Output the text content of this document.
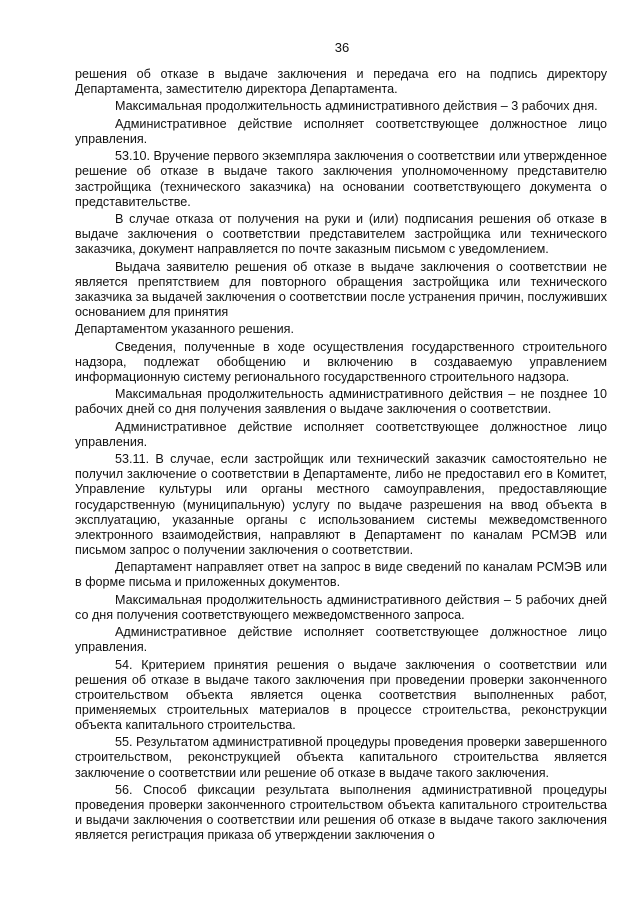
36

решения об отказе в выдаче заключения и передача его на подпись директору Департамента, заместителю директора Департамента.

Максимальная продолжительность административного действия – 3 рабочих дня.

Административное действие исполняет соответствующее должностное лицо управления.

53.10. Вручение первого экземпляра заключения о соответствии или утвержденное решение об отказе в выдаче такого заключения уполномоченному представителю застройщика (технического заказчика) на основании соответствующего документа о представительстве.

В случае отказа от получения на руки и (или) подписания решения об отказе в выдаче заключения о соответствии представителем застройщика или технического заказчика, документ направляется по почте заказным письмом с уведомлением.

Выдача заявителю решения об отказе в выдаче заключения о соответствии не является препятствием для повторного обращения застройщика или технического заказчика за выдачей заключения о соответствии после устранения причин, послуживших основанием для принятия

Департаментом указанного решения.

Сведения, полученные в ходе осуществления государственного строительного надзора, подлежат обобщению и включению в создаваемую управлением информационную систему регионального государственного строительного надзора.

Максимальная продолжительность административного действия – не позднее 10 рабочих дней со дня получения заявления о выдаче заключения о соответствии.

Административное действие исполняет соответствующее должностное лицо управления.

53.11. В случае, если застройщик или технический заказчик самостоятельно не получил заключение о соответствии в Департаменте, либо не предоставил его в Комитет, Управление культуры или органы местного самоуправления, предоставляющие государственную (муниципальную) услугу по выдаче разрешения на ввод объекта в эксплуатацию, указанные органы с использованием системы межведомственного электронного взаимодействия, направляют в Департамент по каналам РСМЭВ или письмом запрос о получении заключения о соответствии.

Департамент направляет ответ на запрос в виде сведений по каналам РСМЭВ или в форме письма и приложенных документов.

Максимальная продолжительность административного действия – 5 рабочих дней со дня получения соответствующего межведомственного запроса.

Административное действие исполняет соответствующее должностное лицо управления.

54. Критерием принятия решения о выдаче заключения о соответствии или решения об отказе в выдаче такого заключения при проведении проверки законченного строительством объекта является оценка соответствия выполненных работ, применяемых строительных материалов в процессе строительства, реконструкции объекта капитального строительства.

55. Результатом административной процедуры проведения проверки завершенного строительством, реконструкцией объекта капитального строительства является заключение о соответствии или решение об отказе в выдаче такого заключения.

56. Способ фиксации результата выполнения административной процедуры проведения проверки законченного строительством объекта капитального строительства и выдачи заключения о соответствии или решения об отказе в выдаче такого заключения является регистрация приказа об утверждении заключения о
